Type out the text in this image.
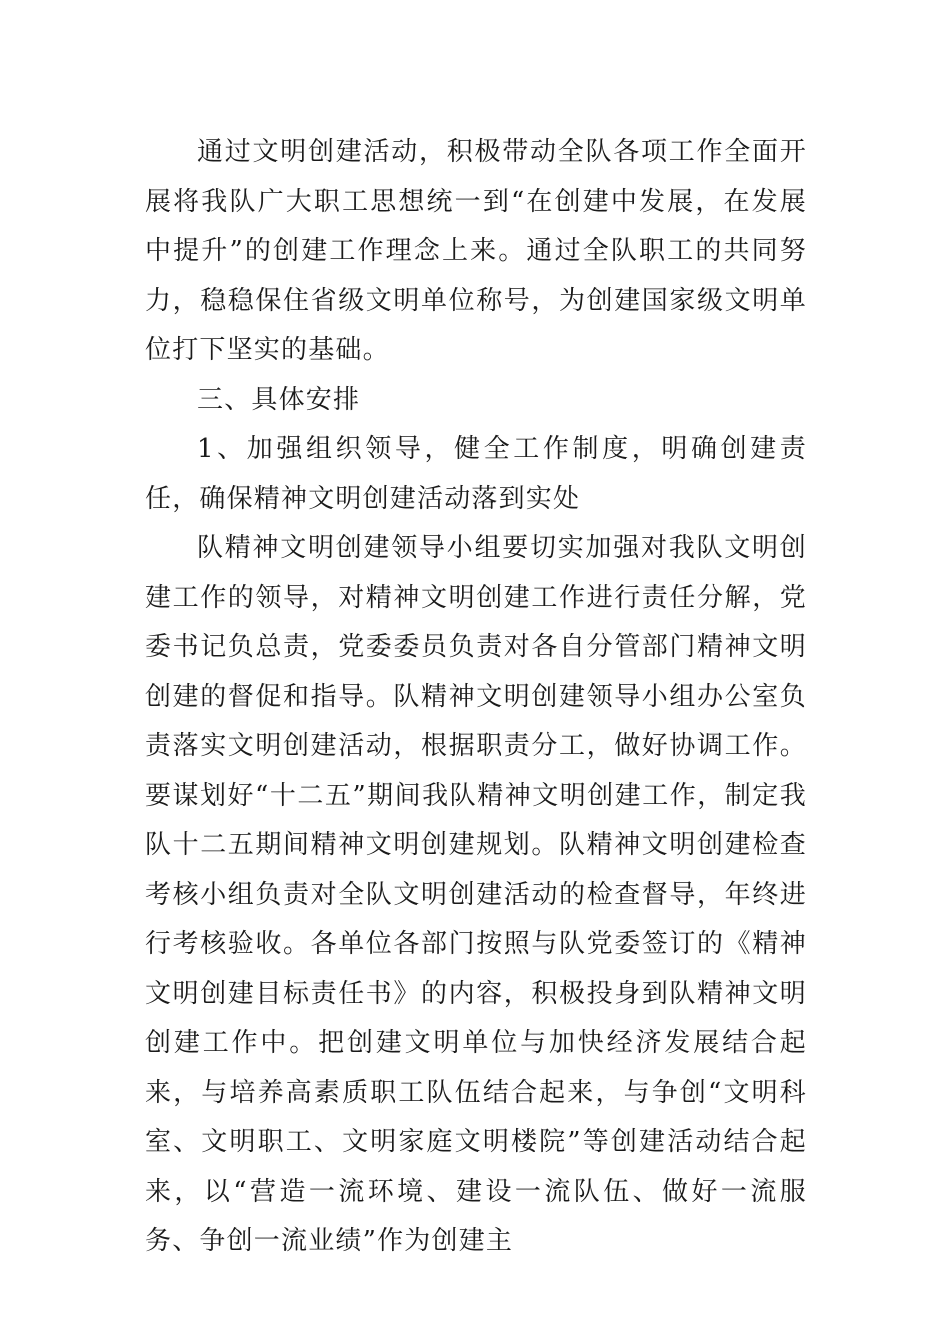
通过文明创建活动，积极带动全队各项工作全面开展将我队广大职工思想统一到“在创建中发展，在发展中提升”的创建工作理念上来。通过全队职工的共同努力，稳稳保住省级文明单位称号，为创建国家级文明单位打下坚实的基础。

三、具体安排

1、加强组织领导，健全工作制度，明确创建责任，确保精神文明创建活动落到实处

队精神文明创建领导小组要切实加强对我队文明创建工作的领导，对精神文明创建工作进行责任分解，党委书记负总责，党委委员负责对各自分管部门精神文明创建的督促和指导。队精神文明创建领导小组办公室负责落实文明创建活动，根据职责分工，做好协调工作。要谋划好“十二五”期间我队精神文明创建工作，制定我队十二五期间精神文明创建规划。队精神文明创建检查考核小组负责对全队文明创建活动的检查督导，年终进行考核验收。各单位各部门按照与队党委签订的《精神文明创建目标责任书》的内容，积极投身到队精神文明创建工作中。把创建文明单位与加快经济发展结合起来，与培养高素质职工队伍结合起来，与争创“文明科室、文明职工、文明家庭文明楼院”等创建活动结合起来，以“营造一流环境、建设一流队伍、做好一流服务、争创一流业绩”作为创建主
